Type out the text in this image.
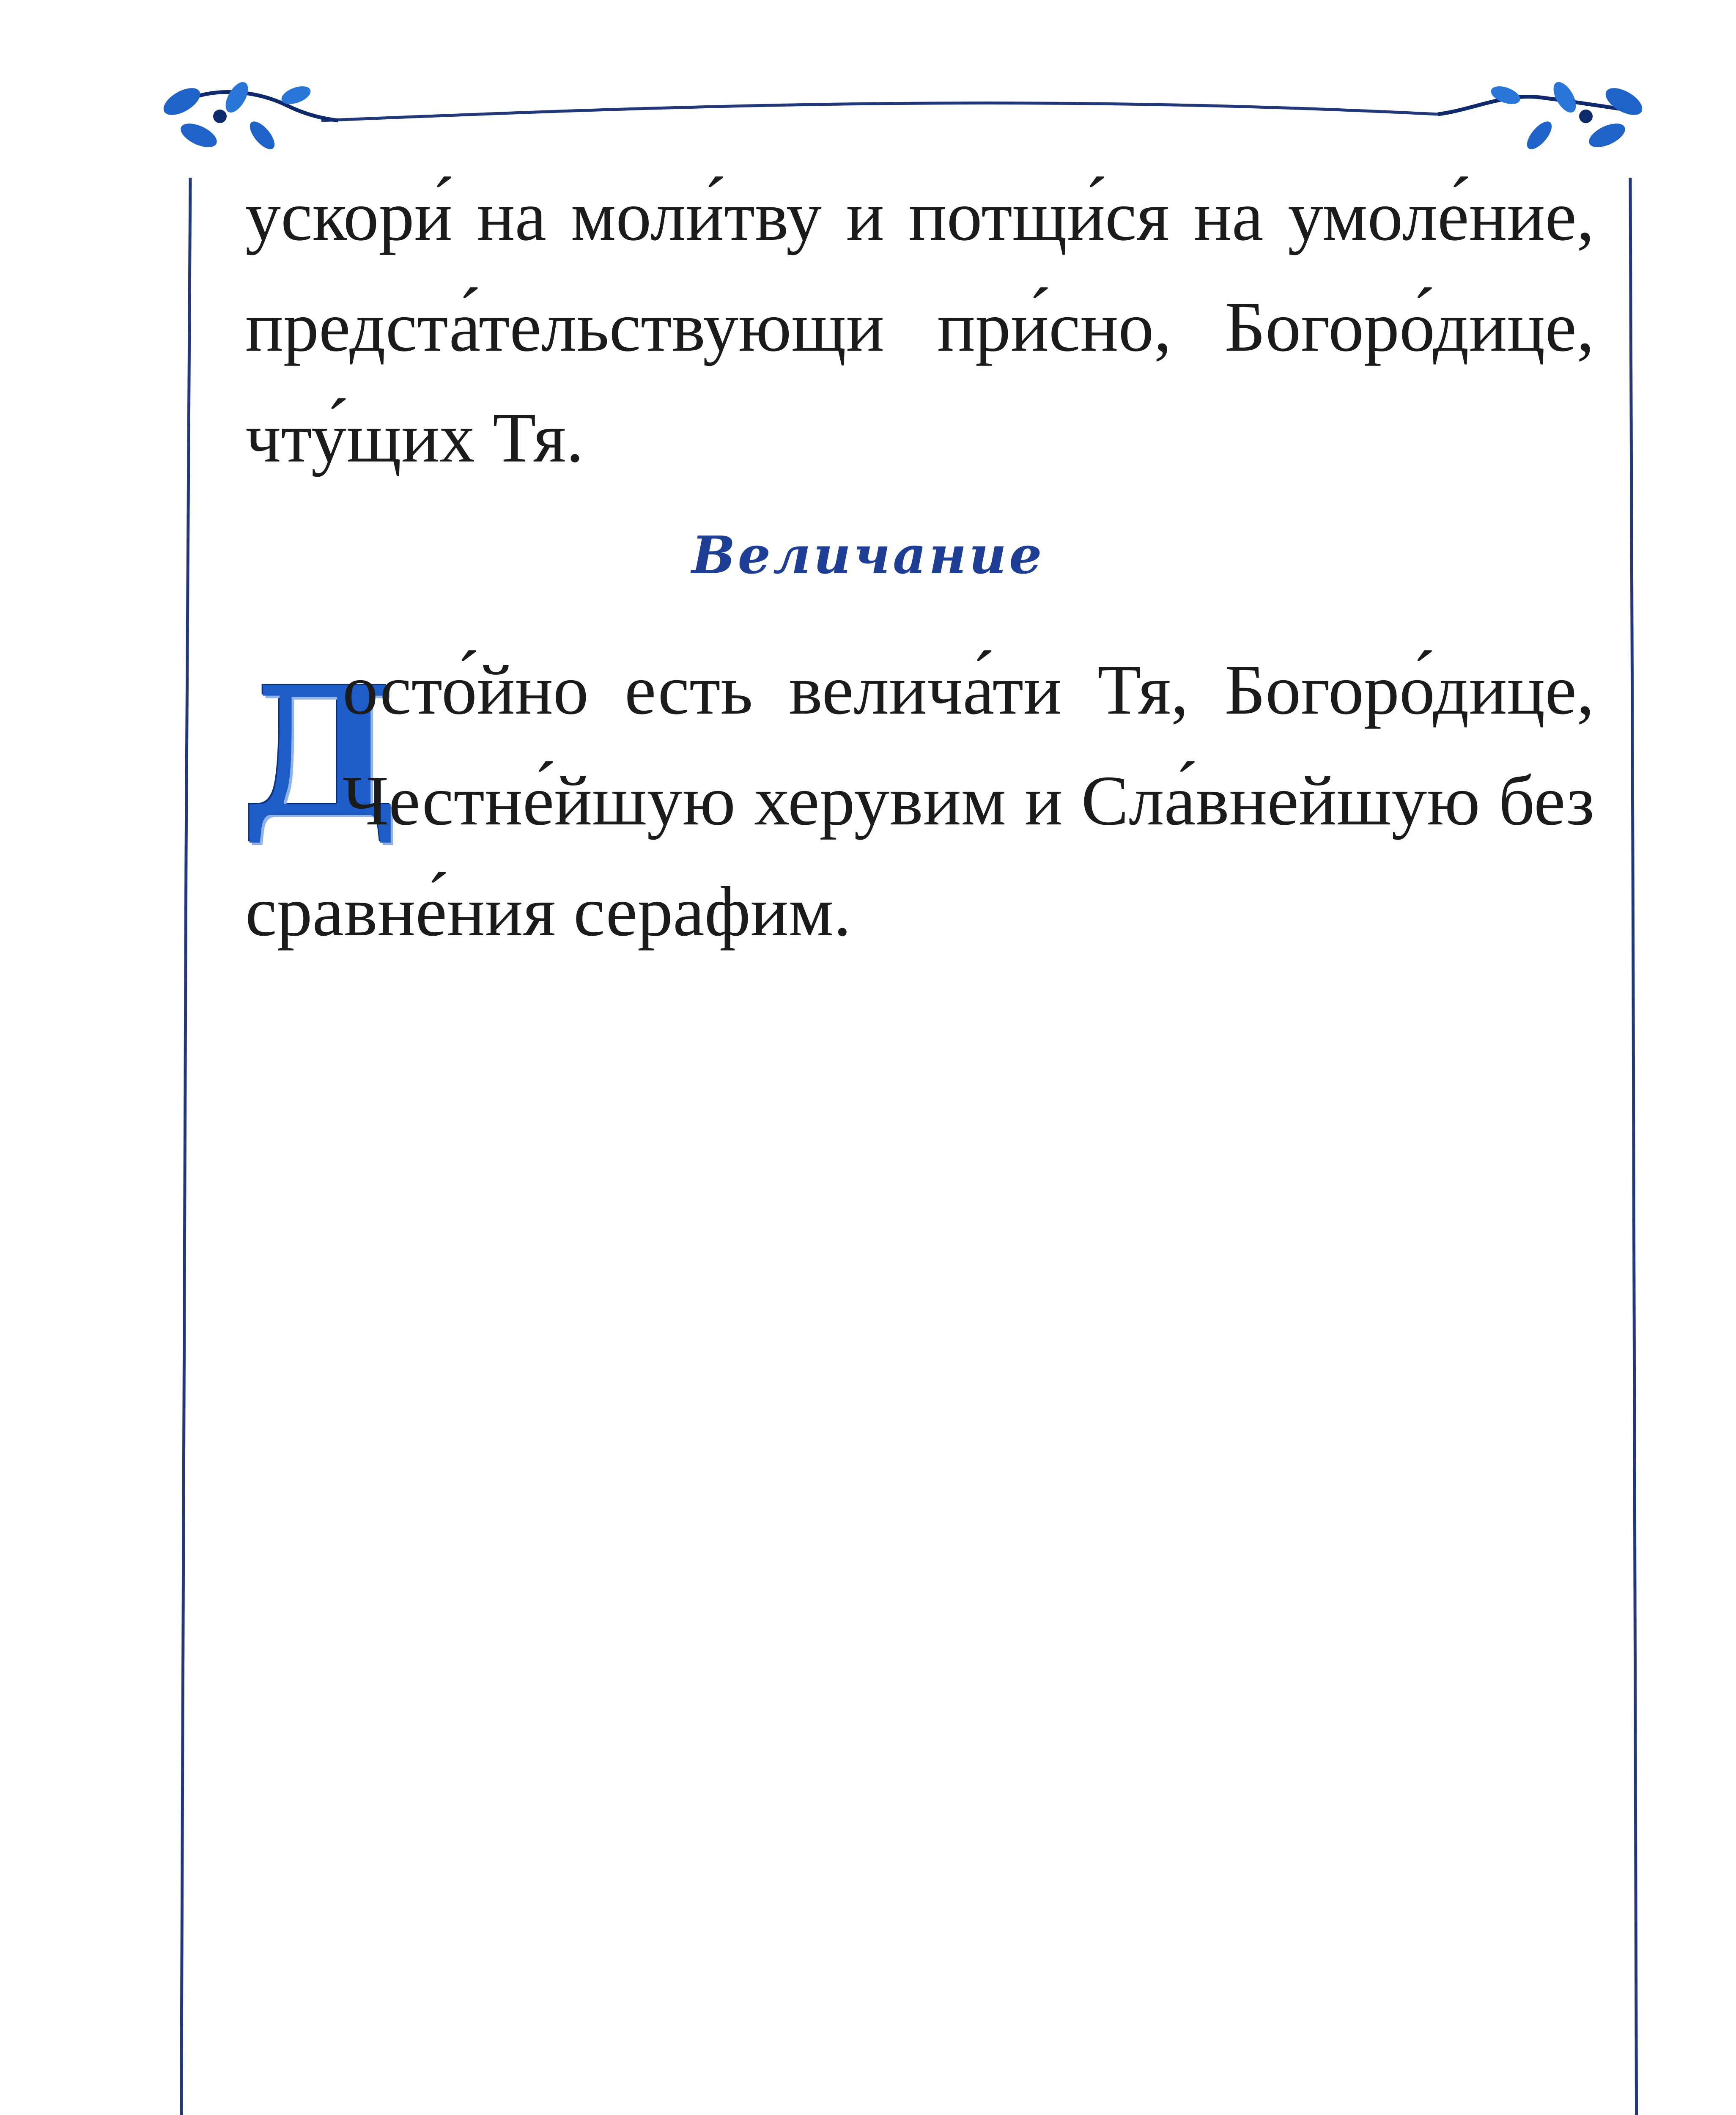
ускори́ на моли́тву и потщи́ся на умоле́ние, предста́тельствующи при́сно, Богоро́дице, чту́щих Тя.
Величание
Д
осто́йно есть велича́ти Тя, Богоро́дице, Честне́йшую херувим и Сла́внейшую без сравне́ния серафим.
